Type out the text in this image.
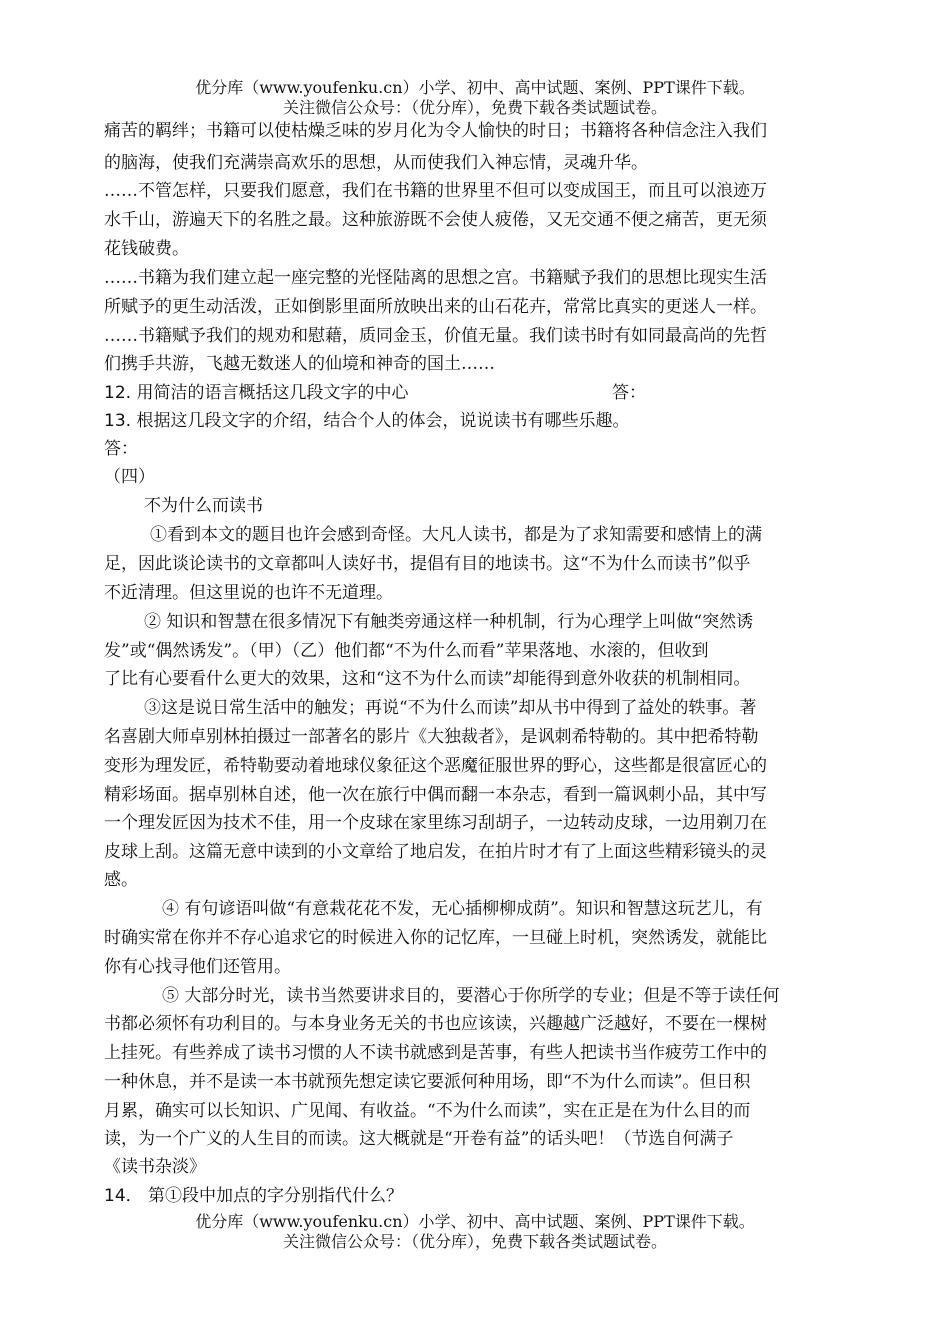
优分库（www.youfenku.cn）小学、初中、高中试题、案例、PPT课件下载。
关注微信公众号：（优分库），免费下载各类试题试卷。
痛苦的羁绊；书籍可以使枯燥乏味的岁月化为令人愉快的时日；书籍将各种信念注入我们
的脑海，使我们充满崇高欢乐的思想，从而使我们入神忘情，灵魂升华。
……不管怎样，只要我们愿意，我们在书籍的世界里不但可以变成国王，而且可以浪迹万
水千山，游遍天下的名胜之最。这种旅游既不会使人疲倦，又无交通不便之痛苦，更无须
花钱破费。
……书籍为我们建立起一座完整的光怪陆离的思想之宫。书籍赋予我们的思想比现实生活
所赋予的更生动活泼，正如倒影里面所放映出来的山石花卉，常常比真实的更迷人一样。
……书籍赋予我们的规劝和慰藉，质同金玉，价值无量。我们读书时有如同最高尚的先哲
们携手共游，飞越无数迷人的仙境和神奇的国土……
12. 用简洁的语言概括这几段文字的中心	答：
13. 根据这几段文字的介绍，结合个人的体会，说说读书有哪些乐趣。
答：
（四）
不为什么而读书
①看到本文的题目也许会感到奇怪。大凡人读书，都是为了求知需要和感情上的满
足，因此谈论读书的文章都叫人读好书，提倡有目的地读书。这“不为什么而读书”似乎
不近清理。但这里说的也许不无道理。
② 知识和智慧在很多情况下有触类旁通这样一种机制，行为心理学上叫做“突然诱
发”或“偶然诱发”。（甲）（乙）他们都“不为什么而看”苹果落地、水滚的，但收到
了比有心要看什么更大的效果，这和“这不为什么而读”却能得到意外收获的机制相同。
③这是说日常生活中的触发；再说“不为什么而读”却从书中得到了益处的轶事。著
名喜剧大师卓别林拍摄过一部著名的影片《大独裁者》，是讽刺希特勒的。其中把希特勒
变形为理发匠，希特勒要动着地球仪象征这个恶魔征服世界的野心，这些都是很富匠心的
精彩场面。据卓别林自述，他一次在旅行中偶而翻一本杂志，看到一篇讽刺小品，其中写
一个理发匠因为技术不佳，用一个皮球在家里练习刮胡子，一边转动皮球，一边用剃刀在
皮球上刮。这篇无意中读到的小文章给了地启发，在拍片时才有了上面这些精彩镜头的灵
感。
④ 有句谚语叫做“有意栽花花不发，无心插柳柳成荫”。知识和智慧这玩艺儿，有
时确实常在你并不存心追求它的时候进入你的记忆库，一旦碰上时机，突然诱发，就能比
你有心找寻他们还管用。
⑤ 大部分时光，读书当然要讲求目的，要潜心于你所学的专业；但是不等于读任何
书都必须怀有功利目的。与本身业务无关的书也应该读，兴趣越广泛越好，不要在一棵树
上挂死。有些养成了读书习惯的人不读书就感到是苦事，有些人把读书当作疲劳工作中的
一种休息，并不是读一本书就预先想定读它要派何种用场，即“不为什么而读”。但日积
月累，确实可以长知识、广见闻、有收益。“不为什么而读”，实在正是在为什么目的而
读，为一个广义的人生目的而读。这大概就是“开卷有益”的话头吧！（节选自何满子
《读书杂淡》
14． 第①段中加点的字分别指代什么？
优分库（www.youfenku.cn）小学、初中、高中试题、案例、PPT课件下载。
关注微信公众号：（优分库），免费下载各类试题试卷。
